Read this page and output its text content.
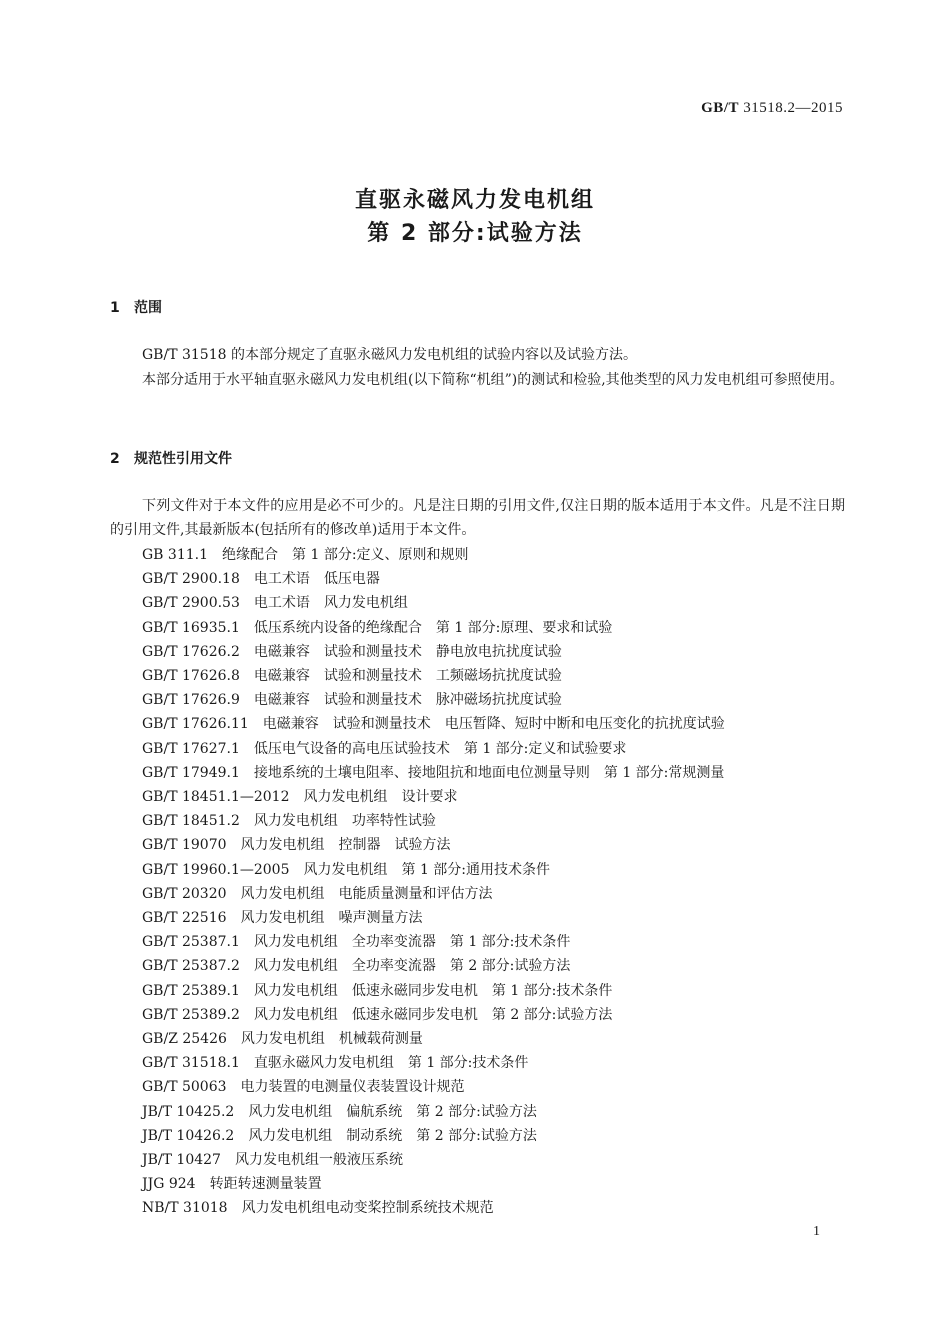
GB/T 31518.2—2015
直驱永磁风力发电机组
第 2 部分:试验方法
1 范围

GB/T 31518 的本部分规定了直驱永磁风力发电机组的试验内容以及试验方法。

本部分适用于水平轴直驱永磁风力发电机组(以下简称“机组”)的测试和检验,其他类型的风力发电机组可参照使用。

2 规范性引用文件

下列文件对于本文件的应用是必不可少的。凡是注日期的引用文件,仅注日期的版本适用于本文件。凡是不注日期的引用文件,其最新版本(包括所有的修改单)适用于本文件。

GB 311.1 绝缘配合　第 1 部分:定义、原则和规则
GB/T 2900.18 电工术语　低压电器
GB/T 2900.53 电工术语　风力发电机组
GB/T 16935.1 低压系统内设备的绝缘配合　第 1 部分:原理、要求和试验
GB/T 17626.2 电磁兼容　试验和测量技术　静电放电抗扰度试验
GB/T 17626.8 电磁兼容　试验和测量技术　工频磁场抗扰度试验
GB/T 17626.9 电磁兼容　试验和测量技术　脉冲磁场抗扰度试验
GB/T 17626.11 电磁兼容　试验和测量技术　电压暂降、短时中断和电压变化的抗扰度试验
GB/T 17627.1 低压电气设备的高电压试验技术　第 1 部分:定义和试验要求
GB/T 17949.1 接地系统的土壤电阻率、接地阻抗和地面电位测量导则　第 1 部分:常规测量
GB/T 18451.1—2012 风力发电机组　设计要求
GB/T 18451.2 风力发电机组　功率特性试验
GB/T 19070 风力发电机组　控制器　试验方法
GB/T 19960.1—2005 风力发电机组　第 1 部分:通用技术条件
GB/T 20320 风力发电机组　电能质量测量和评估方法
GB/T 22516 风力发电机组　噪声测量方法
GB/T 25387.1 风力发电机组　全功率变流器　第 1 部分:技术条件
GB/T 25387.2 风力发电机组　全功率变流器　第 2 部分:试验方法
GB/T 25389.1 风力发电机组　低速永磁同步发电机　第 1 部分:技术条件
GB/T 25389.2 风力发电机组　低速永磁同步发电机　第 2 部分:试验方法
GB/Z 25426 风力发电机组　机械载荷测量
GB/T 31518.1 直驱永磁风力发电机组　第 1 部分:技术条件
GB/T 50063 电力装置的电测量仪表装置设计规范
JB/T 10425.2 风力发电机组　偏航系统　第 2 部分:试验方法
JB/T 10426.2 风力发电机组　制动系统　第 2 部分:试验方法
JB/T 10427 风力发电机组一般液压系统
JJG 924 转距转速测量装置
NB/T 31018 风力发电机组电动变桨控制系统技术规范
1
